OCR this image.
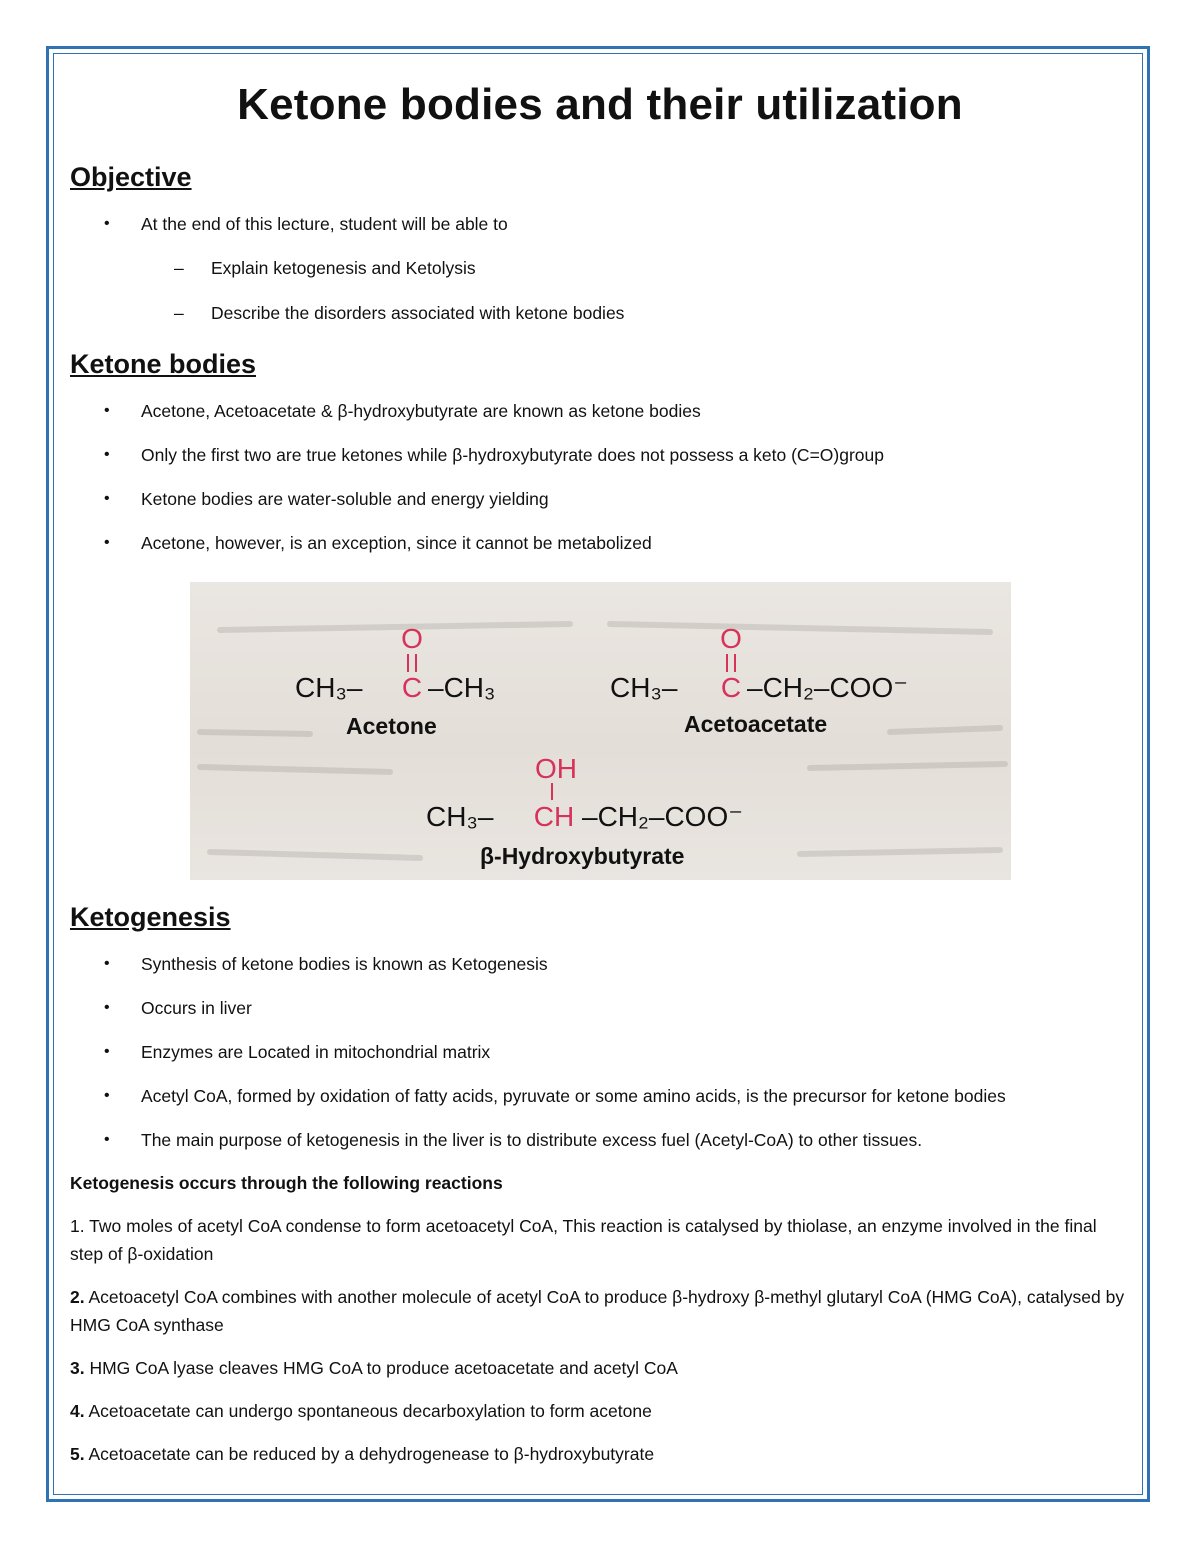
Ketone bodies and their utilization
Objective
• At the end of this lecture, student will be able to
– Explain ketogenesis and Ketolysis
– Describe the disorders associated with ketone bodies
Ketone bodies
• Acetone, Acetoacetate & β-hydroxybutyrate are known as ketone bodies
• Only the first two are true ketones while β-hydroxybutyrate does not possess a keto (C=O)group
• Ketone bodies are water-soluble and energy yielding
• Acetone, however, is an exception, since it cannot be metabolized
O
CH₃– C –CH₃
Acetone
O
CH₃– C –CH₂–COO⁻
Acetoacetate
OH
CH₃– CH –CH₂–COO⁻
β-Hydroxybutyrate
Ketogenesis
• Synthesis of ketone bodies is known as Ketogenesis
• Occurs in liver
• Enzymes are Located in mitochondrial matrix
• Acetyl CoA, formed by oxidation of fatty acids, pyruvate or some amino acids, is the precursor for ketone bodies
• The main purpose of ketogenesis in the liver is to distribute excess fuel (Acetyl-CoA) to other tissues.

Ketogenesis occurs through the following reactions

1. Two moles of acetyl CoA condense to form acetoacetyl CoA, This reaction is catalysed by thiolase, an enzyme involved in the final step of β-oxidation

2. Acetoacetyl CoA combines with another molecule of acetyl CoA to produce β-hydroxy β-methyl glutaryl CoA (HMG CoA), catalysed by HMG CoA synthase

3. HMG CoA lyase cleaves HMG CoA to produce acetoacetate and acetyl CoA

4. Acetoacetate can undergo spontaneous decarboxylation to form acetone

5. Acetoacetate can be reduced by a dehydrogenease to β-hydroxybutyrate
